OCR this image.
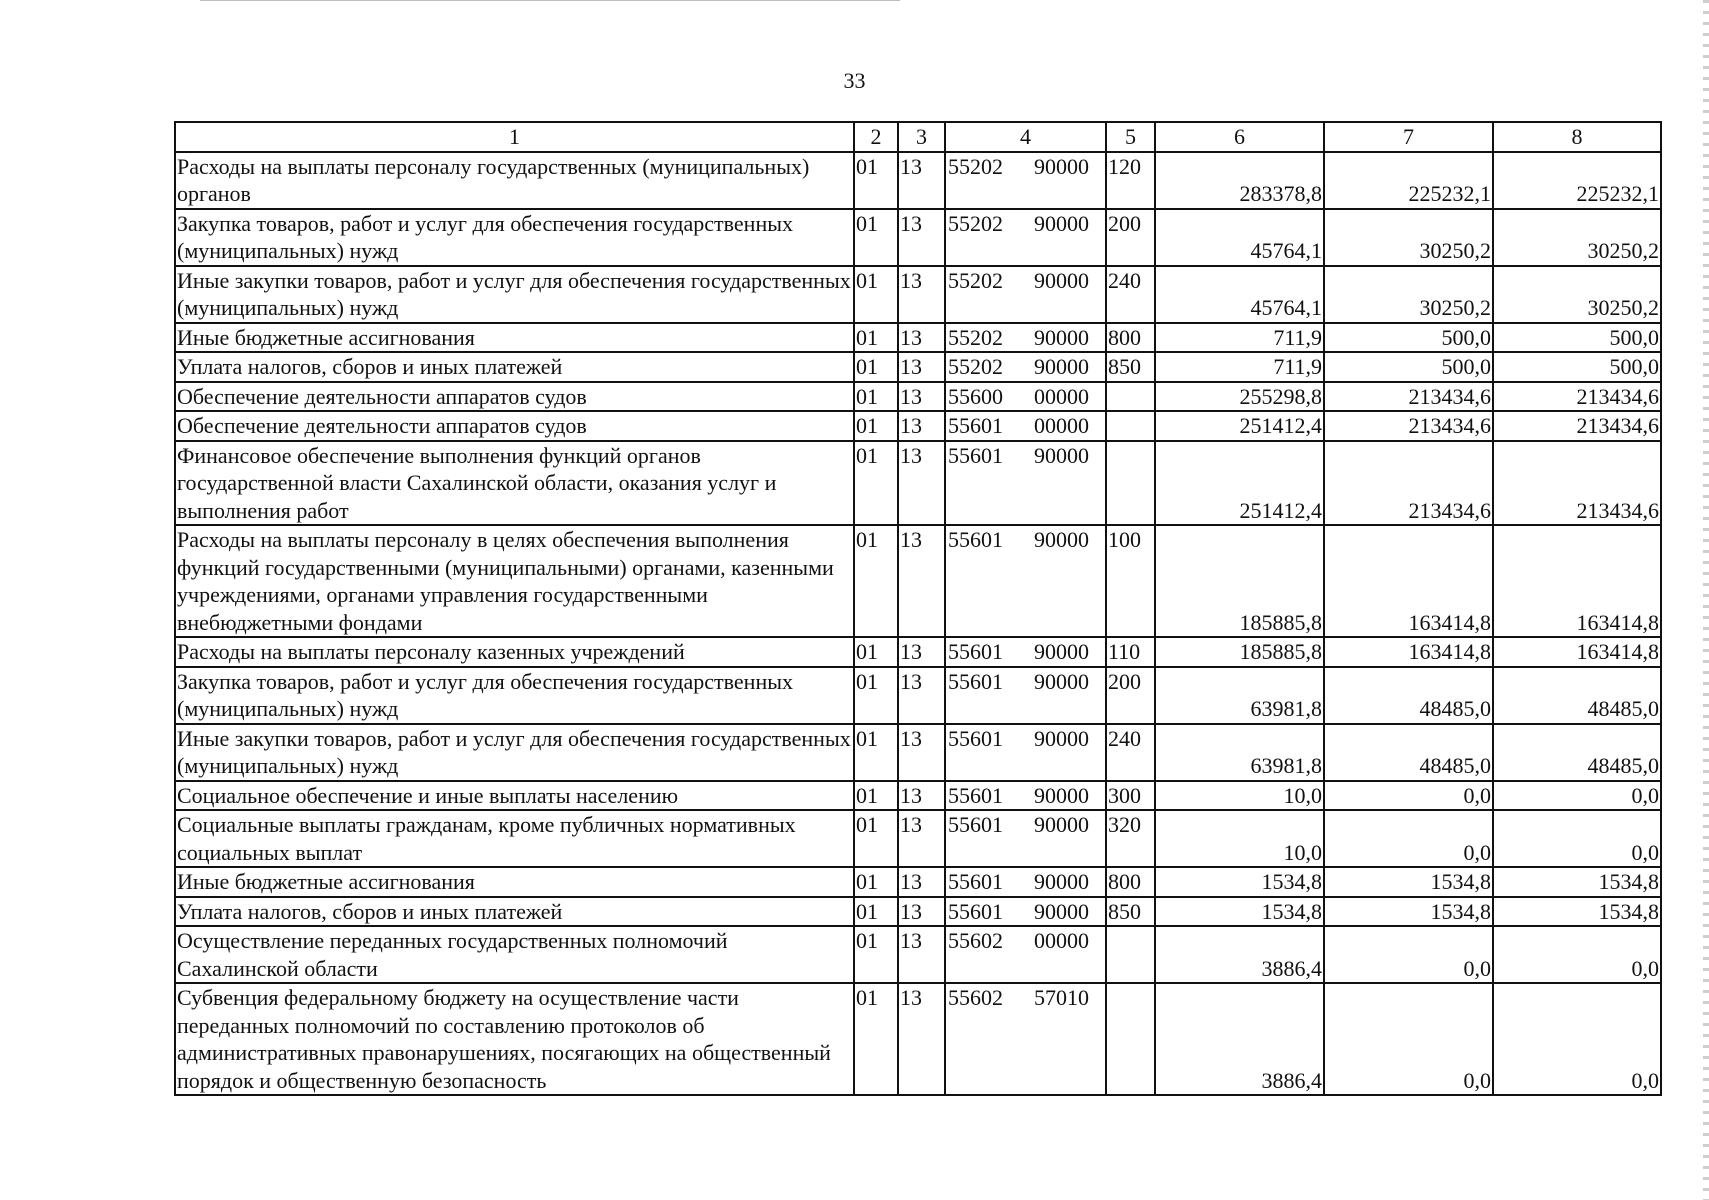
33
1	2	3	4	5	6	7	8
Расходы на выплаты персоналу государственных (муниципальных) органов	01	13	55202 90000	120	283378,8	225232,1	225232,1
Закупка товаров, работ и услуг для обеспечения государственных (муниципальных) нужд	01	13	55202 90000	200	45764,1	30250,2	30250,2
Иные закупки товаров, работ и услуг для обеспечения государственных (муниципальных) нужд	01	13	55202 90000	240	45764,1	30250,2	30250,2
Иные бюджетные ассигнования	01	13	55202 90000	800	711,9	500,0	500,0
Уплата налогов, сборов и иных платежей	01	13	55202 90000	850	711,9	500,0	500,0
Обеспечение деятельности аппаратов судов	01	13	55600 00000		255298,8	213434,6	213434,6
Обеспечение деятельности аппаратов судов	01	13	55601 00000		251412,4	213434,6	213434,6
Финансовое обеспечение выполнения функций органов государственной власти Сахалинской области, оказания услуг и выполнения работ	01	13	55601 90000		251412,4	213434,6	213434,6
Расходы на выплаты персоналу в целях обеспечения выполнения функций государственными (муниципальными) органами, казенными учреждениями, органами управления государственными внебюджетными фондами	01	13	55601 90000	100	185885,8	163414,8	163414,8
Расходы на выплаты персоналу казенных учреждений	01	13	55601 90000	110	185885,8	163414,8	163414,8
Закупка товаров, работ и услуг для обеспечения государственных (муниципальных) нужд	01	13	55601 90000	200	63981,8	48485,0	48485,0
Иные закупки товаров, работ и услуг для обеспечения государственных (муниципальных) нужд	01	13	55601 90000	240	63981,8	48485,0	48485,0
Социальное обеспечение и иные выплаты населению	01	13	55601 90000	300	10,0	0,0	0,0
Социальные выплаты гражданам, кроме публичных нормативных социальных выплат	01	13	55601 90000	320	10,0	0,0	0,0
Иные бюджетные ассигнования	01	13	55601 90000	800	1534,8	1534,8	1534,8
Уплата налогов, сборов и иных платежей	01	13	55601 90000	850	1534,8	1534,8	1534,8
Осуществление переданных государственных полномочий Сахалинской области	01	13	55602 00000		3886,4	0,0	0,0
Субвенция федеральному бюджету на осуществление части переданных полномочий по составлению протоколов об административных правонарушениях, посягающих на общественный порядок и общественную безопасность	01	13	55602 57010		3886,4	0,0	0,0
